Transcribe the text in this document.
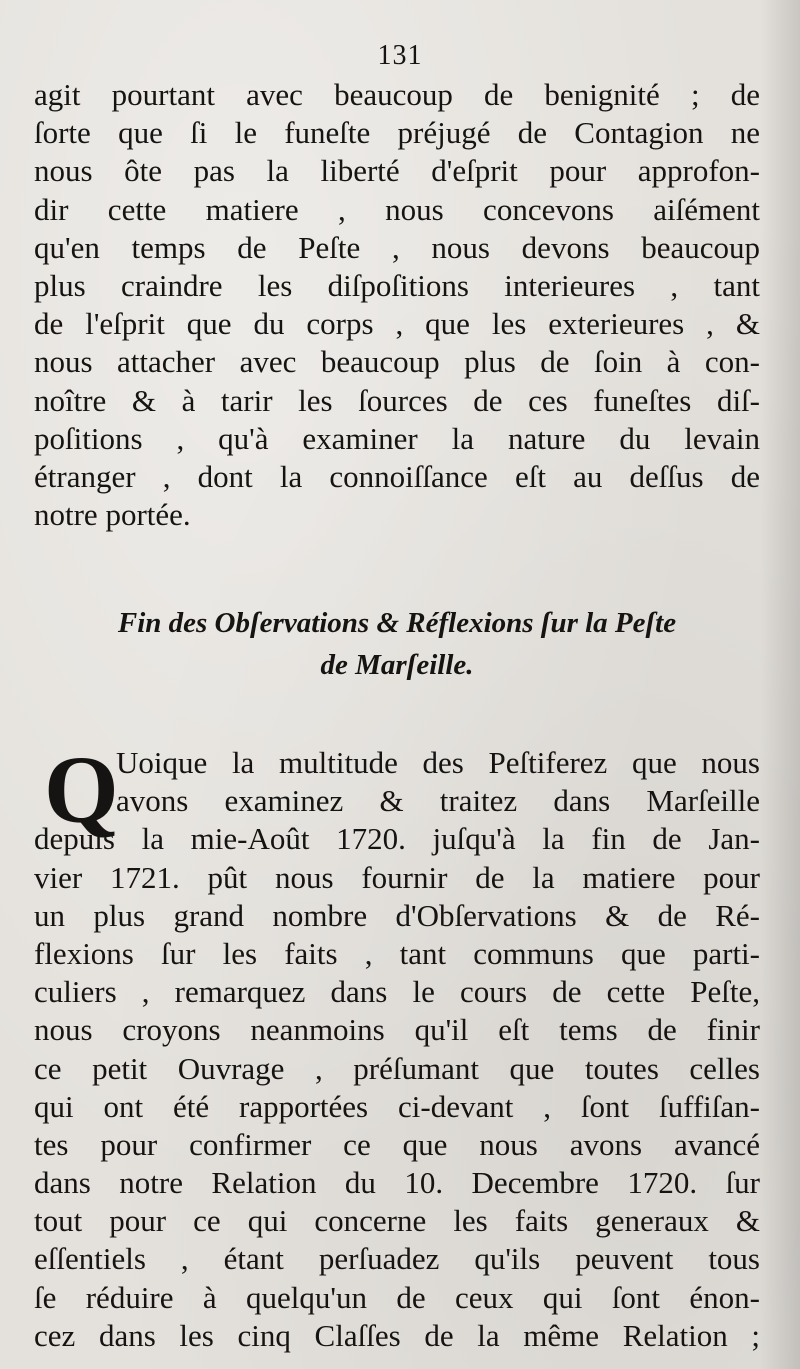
131
agit pourtant avec beaucoup de benignité ; de
ſorte que ſi le funeſte préjugé de Contagion ne
nous ôte pas la liberté d'eſprit pour approfon-
dir cette matiere , nous concevons aiſément
qu'en temps de Peſte , nous devons beaucoup
plus craindre les diſpoſitions interieures , tant
de l'eſprit que du corps , que les exterieures , &
nous attacher avec beaucoup plus de ſoin à con-
noître & à tarir les ſources de ces funeſtes diſ-
poſitions , qu'à examiner la nature du levain
étranger , dont la connoiſſance eſt au deſſus de
notre portée.
Fin des Obſervations & Réflexions ſur la Peſte
de Marſeille.
Q
Uoique la multitude des Peſtiferez que nous
avons examinez & traitez dans Marſeille
depuis la mie-Août 1720. juſqu'à la fin de Jan-
vier 1721. pût nous fournir de la matiere pour
un plus grand nombre d'Obſervations & de Ré-
flexions ſur les faits , tant communs que parti-
culiers , remarquez dans le cours de cette Peſte,
nous croyons neanmoins qu'il eſt tems de finir
ce petit Ouvrage , préſumant que toutes celles
qui ont été rapportées ci-devant , ſont ſuffiſan-
tes pour confirmer ce que nous avons avancé
dans notre Relation du 10. Decembre 1720. ſur
tout pour ce qui concerne les faits generaux &
eſſentiels , étant perſuadez qu'ils peuvent tous
ſe réduire à quelqu'un de ceux qui ſont énon-
cez dans les cinq Claſſes de la même Relation ;
